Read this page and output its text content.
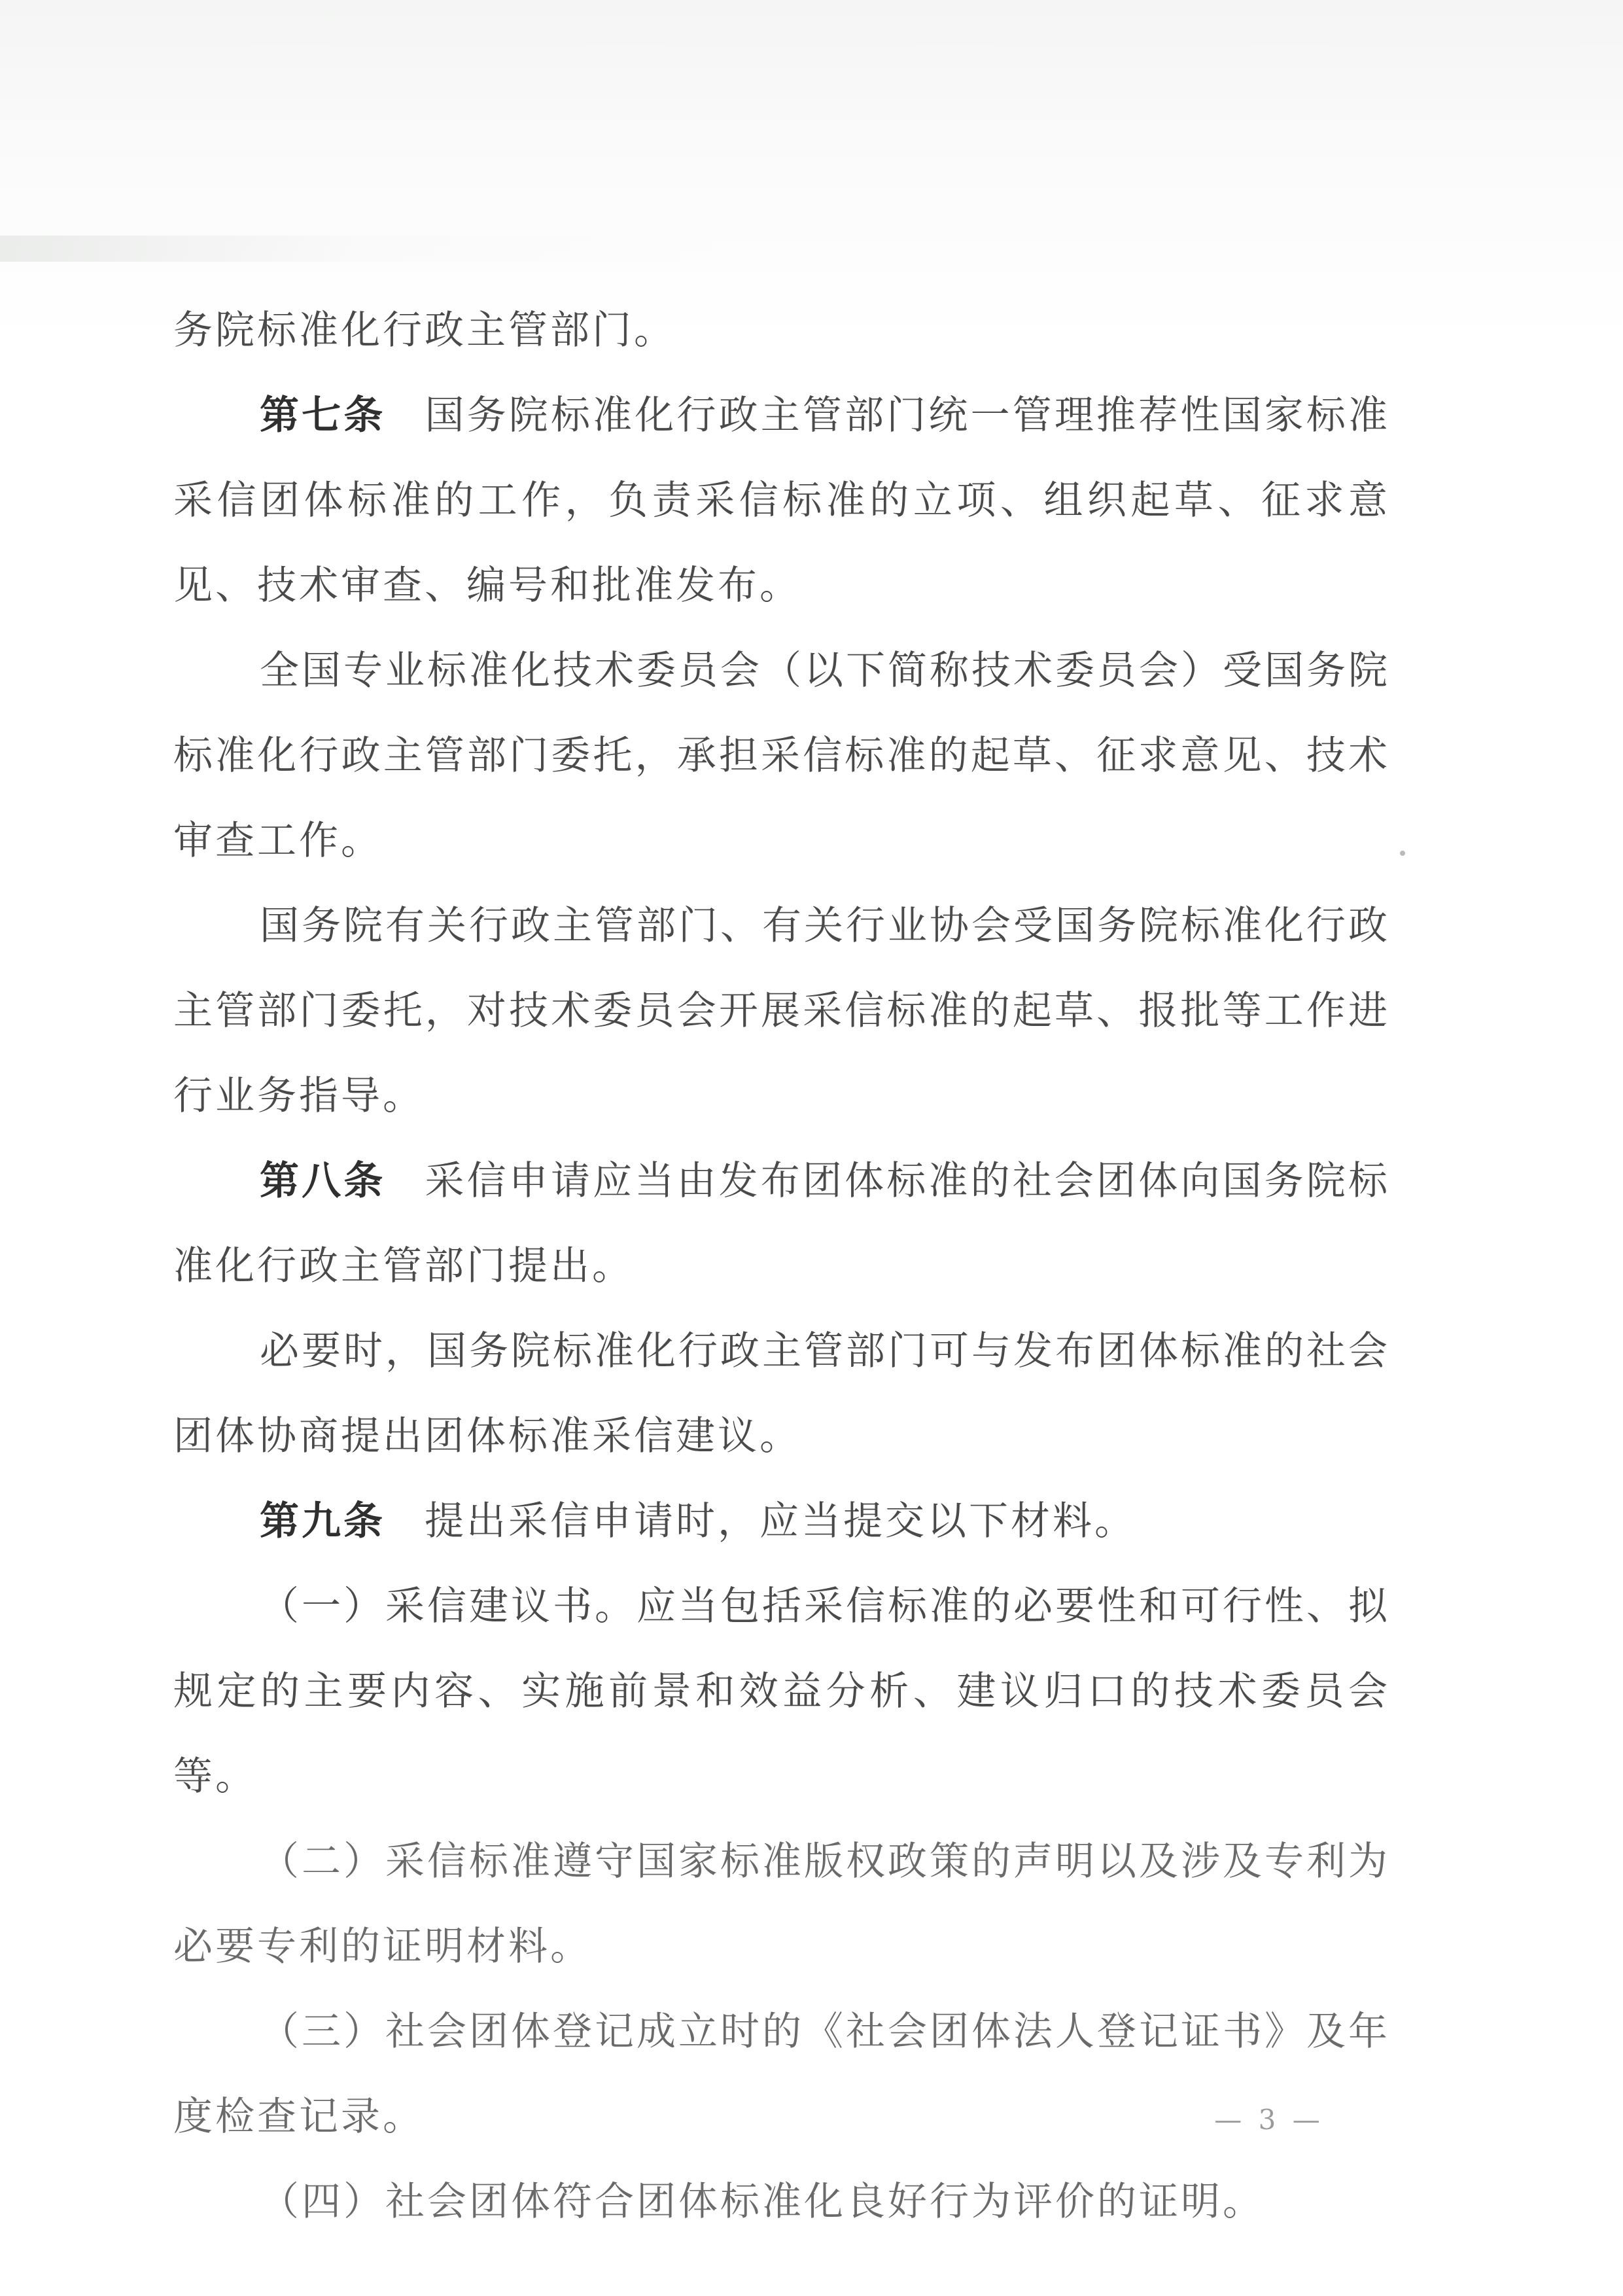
务院标准化行政主管部门。

第七条 国务院标准化行政主管部门统一管理推荐性国家标准采信团体标准的工作，负责采信标准的立项、组织起草、征求意见、技术审查、编号和批准发布。

全国专业标准化技术委员会（以下简称技术委员会）受国务院标准化行政主管部门委托，承担采信标准的起草、征求意见、技术审查工作。

国务院有关行政主管部门、有关行业协会受国务院标准化行政主管部门委托，对技术委员会开展采信标准的起草、报批等工作进行业务指导。

第八条 采信申请应当由发布团体标准的社会团体向国务院标准化行政主管部门提出。

必要时，国务院标准化行政主管部门可与发布团体标准的社会团体协商提出团体标准采信建议。

第九条 提出采信申请时，应当提交以下材料。

（一）采信建议书。应当包括采信标准的必要性和可行性、拟规定的主要内容、实施前景和效益分析、建议归口的技术委员会等。

（二）采信标准遵守国家标准版权政策的声明以及涉及专利为必要专利的证明材料。

（三）社会团体登记成立时的《社会团体法人登记证书》及年度检查记录。

（四）社会团体符合团体标准化良好行为评价的证明。

— 3 —
